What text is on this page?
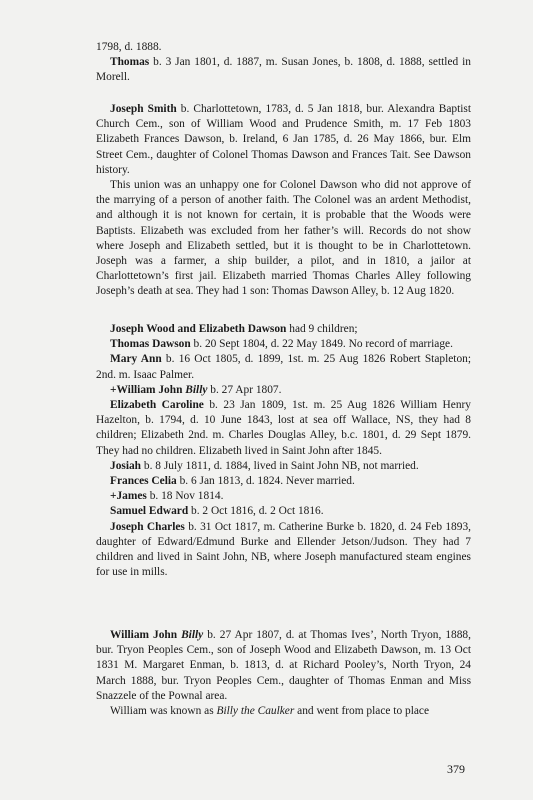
1798, d. 1888.

Thomas b. 3 Jan 1801, d. 1887, m. Susan Jones, b. 1808, d. 1888, settled in Morell.

Joseph Smith b. Charlottetown, 1783, d. 5 Jan 1818, bur. Alexandra Baptist Church Cem., son of William Wood and Prudence Smith, m. 17 Feb 1803 Elizabeth Frances Dawson, b. Ireland, 6 Jan 1785, d. 26 May 1866, bur. Elm Street Cem., daughter of Colonel Thomas Dawson and Frances Tait. See Dawson history.

This union was an unhappy one for Colonel Dawson who did not approve of the marrying of a person of another faith. The Colonel was an ardent Methodist, and although it is not known for certain, it is probable that the Woods were Baptists. Elizabeth was excluded from her father’s will. Records do not show where Joseph and Elizabeth settled, but it is thought to be in Charlottetown. Joseph was a farmer, a ship builder, a pilot, and in 1810, a jailor at Charlottetown’s first jail. Elizabeth married Thomas Charles Alley following Joseph’s death at sea. They had 1 son: Thomas Dawson Alley, b. 12 Aug 1820.

Joseph Wood and Elizabeth Dawson had 9 children;

Thomas Dawson b. 20 Sept 1804, d. 22 May 1849. No record of marriage.

Mary Ann b. 16 Oct 1805, d. 1899, 1st. m. 25 Aug 1826 Robert Stapleton; 2nd. m. Isaac Palmer.

+William John Billy b. 27 Apr 1807.

Elizabeth Caroline b. 23 Jan 1809, 1st. m. 25 Aug 1826 William Henry Hazelton, b. 1794, d. 10 June 1843, lost at sea off Wallace, NS, they had 8 children; Elizabeth 2nd. m. Charles Douglas Alley, b.c. 1801, d. 29 Sept 1879. They had no children. Elizabeth lived in Saint John after 1845.

Josiah b. 8 July 1811, d. 1884, lived in Saint John NB, not married.

Frances Celia b. 6 Jan 1813, d. 1824. Never married.

+James b. 18 Nov 1814.

Samuel Edward b. 2 Oct 1816, d. 2 Oct 1816.

Joseph Charles b. 31 Oct 1817, m. Catherine Burke b. 1820, d. 24 Feb 1893, daughter of Edward/Edmund Burke and Ellender Jetson/Judson. They had 7 children and lived in Saint John, NB, where Joseph manufactured steam engines for use in mills.

William John Billy b. 27 Apr 1807, d. at Thomas Ives’, North Tryon, 1888, bur. Tryon Peoples Cem., son of Joseph Wood and Elizabeth Dawson, m. 13 Oct 1831 M. Margaret Enman, b. 1813, d. at Richard Pooley’s, North Tryon, 24 March 1888, bur. Tryon Peoples Cem., daughter of Thomas Enman and Miss Snazzele of the Pownal area.

William was known as Billy the Caulker and went from place to place

379
